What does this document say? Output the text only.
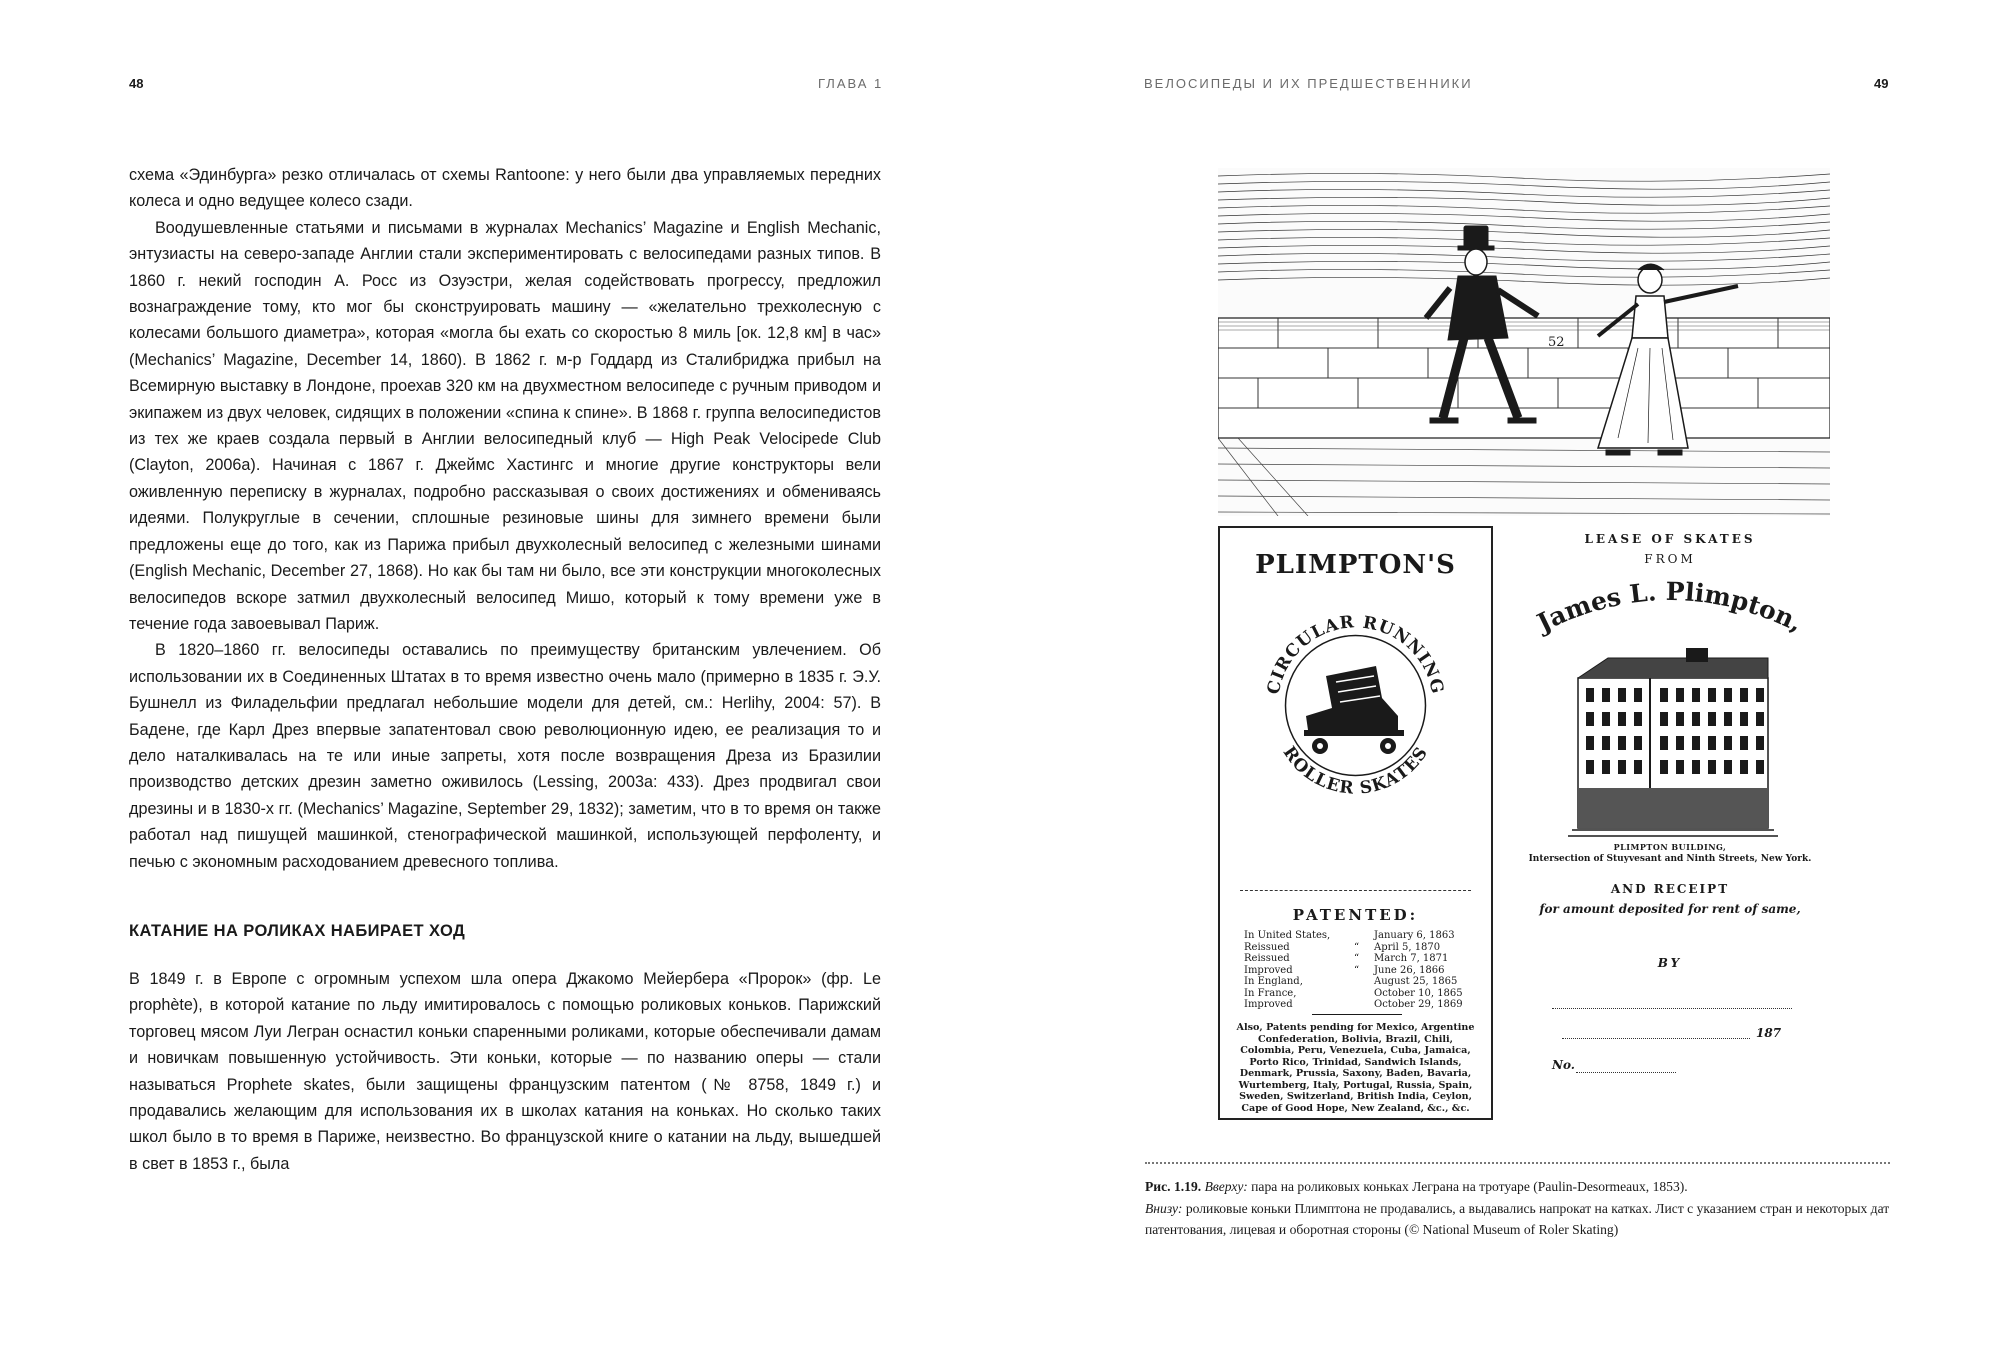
48	ГЛАВА 1

схема «Эдинбурга» резко отличалась от схемы Rantoone: у него были два управляемых передних колеса и одно ведущее колесо сзади.

Воодушевленные статьями и письмами в журналах Mechanics’ Magazine и English Mechanic, энтузиасты на северо-западе Англии стали экспериментировать с велосипедами разных типов. В 1860 г. некий господин А. Росс из Озуэстри, желая содействовать прогрессу, предложил вознаграждение тому, кто мог бы сконструировать машину — «желательно трехколесную с колесами большого диаметра», которая «могла бы ехать со скоростью 8 миль [ок. 12,8 км] в час» (Mechanics’ Magazine, December 14, 1860). В 1862 г. м-р Годдард из Сталибриджа прибыл на Всемирную выставку в Лондоне, проехав 320 км на двухместном велосипеде с ручным приводом и экипажем из двух человек, сидящих в положении «спина к спине». В 1868 г. группа велосипедистов из тех же краев создала первый в Англии велосипедный клуб — High Peak Velocipede Club (Clayton, 2006a). Начиная с 1867 г. Джеймс Хастингс и многие другие конструкторы вели оживленную переписку в журналах, подробно рассказывая о своих достижениях и обмениваясь идеями. Полукруглые в сечении, сплошные резиновые шины для зимнего времени были предложены еще до того, как из Парижа прибыл двухколесный велосипед с железными шинами (English Mechanic, December 27, 1868). Но как бы там ни было, все эти конструкции многоколесных велосипедов вскоре затмил двухколесный велосипед Мишо, который к тому времени уже в течение года завоевывал Париж.

В 1820–1860 гг. велосипеды оставались по преимуществу британским увлечением. Об использовании их в Соединенных Штатах в то время известно очень мало (примерно в 1835 г. Э.У. Бушнелл из Филадельфии предлагал небольшие модели для детей, см.: Herlihy, 2004: 57). В Бадене, где Карл Дрез впервые запатентовал свою революционную идею, ее реализация то и дело наталкивалась на те или иные запреты, хотя после возвращения Дреза из Бразилии производство детских дрезин заметно оживилось (Lessing, 2003a: 433). Дрез продвигал свои дрезины и в 1830-х гг. (Mechanics’ Magazine, September 29, 1832); заметим, что в то время он также работал над пишущей машинкой, стенографической машинкой, использующей перфоленту, и печью с экономным расходованием древесного топлива.

КАТАНИЕ НА РОЛИКАХ НАБИРАЕТ ХОД

В 1849 г. в Европе с огромным успехом шла опера Джакомо Мейербера «Пророк» (фр. Le prophète), в которой катание по льду имитировалось с помощью роликовых коньков. Парижский торговец мясом Луи Легран оснастил коньки спаренными роликами, которые обеспечивали дамам и новичкам повышенную устойчивость. Эти коньки, которые — по названию оперы — стали называться Prophete skates, были защищены французским патентом (№ 8758, 1849 г.) и продавались желающим для использования их в школах катания на коньках. Но сколько таких школ было в то время в Париже, неизвестно. Во французской книге о катании на льду, вышедшей в свет в 1853 г., была

ВЕЛОСИПЕДЫ И ИХ ПРЕДШЕСТВЕННИКИ	49
52
PLIMPTON'S
CIRCULAR RUNNING
ROLLER SKATES
PATENTED:
In United States,	January 6, 1863
Reissued	“	April 5, 1870
Reissued	“	March 7, 1871
Improved	“	June 26, 1866
In England,	August 25, 1865
In France,	October 10, 1865
Improved	October 29, 1869
Also, Patents pending for Mexico, Argentine Confederation, Bolivia, Brazil, Chili, Colombia, Peru, Venezuela, Cuba, Jamaica, Porto Rico, Trinidad, Sandwich Islands, Denmark, Prussia, Saxony, Baden, Bavaria, Wurtemberg, Italy, Portugal, Russia, Spain, Sweden, Switzerland, British India, Ceylon, Cape of Good Hope, New Zealand, &c., &c.
LEASE OF SKATES
FROM
James L. Plimpton,
PLIMPTON BUILDING,
Intersection of Stuyvesant and Ninth Streets, New York.
AND RECEIPT
for amount deposited for rent of same,
BY
187
No.
Рис. 1.19. Вверху: пара на роликовых коньках Леграна на тротуаре (Paulin-Desormeaux, 1853).
Внизу: роликовые коньки Плимптона не продавались, а выдавались напрокат на катках. Лист с указанием стран и некоторых дат патентования, лицевая и оборотная стороны (© National Museum of Roler Skating)
